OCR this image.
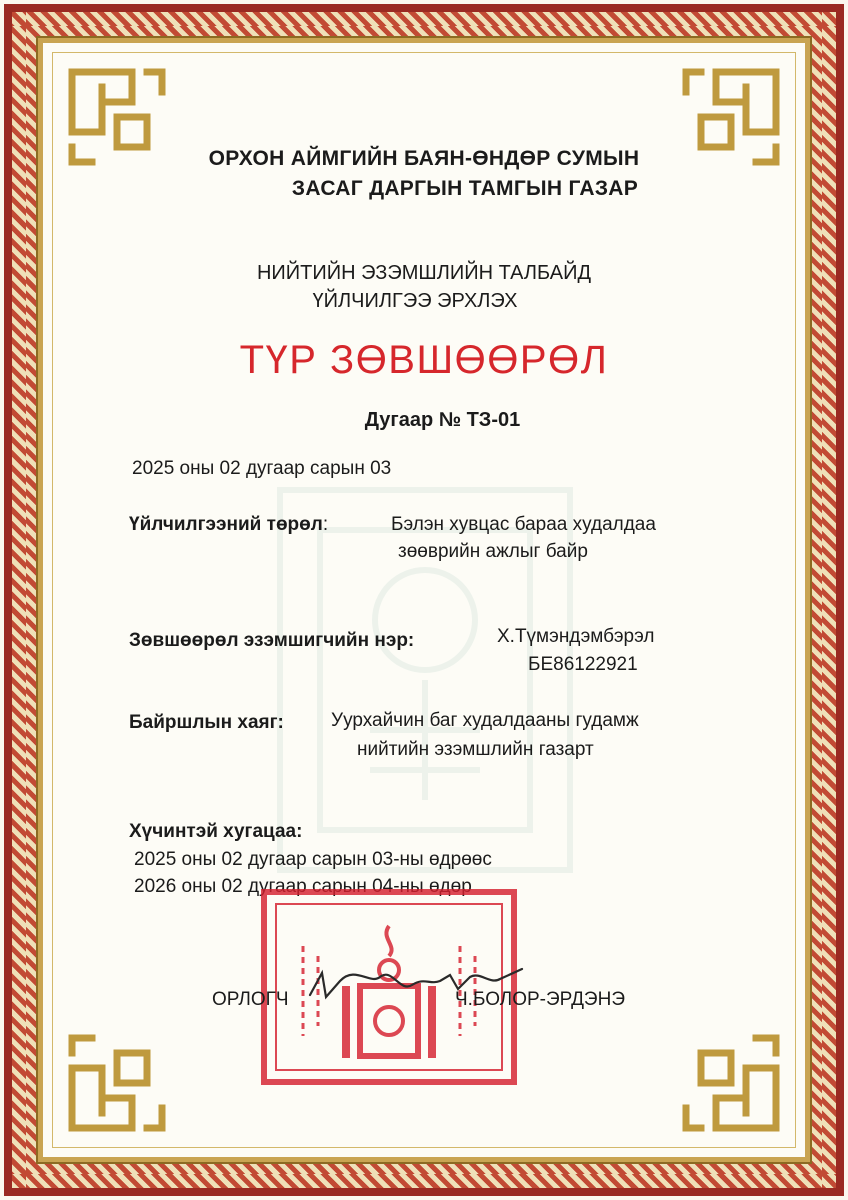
ОРХОН АЙМГИЙН БАЯН-ӨНДӨР СУМЫН
ЗАСАГ ДАРГЫН ТАМГЫН ГАЗАР
НИЙТИЙН ЭЗЭМШЛИЙН ТАЛБАЙД
ҮЙЛЧИЛГЭЭ ЭРХЛЭХ
ТҮР ЗӨВШӨӨРӨЛ
Дугаар № ТЗ-01
2025 оны 02 дугаар сарын 03
Үйлчилгээний төрөл:	Бэлэн хувцас бараа худалдаа
зөөврийн ажлыг байр
Зөвшөөрөл эзэмшигчийн нэр:	Х.Түмэндэмбэрэл
БЕ86122921
Байршлын хаяг: Уурхайчин баг худалдааны гудамж
нийтийн эзэмшлийн газарт
Хүчинтэй хугацаа:
2025 оны 02 дугаар сарын 03-ны өдрөөс
2026 оны 02 дугаар сарын 04-ны өдөр
ОРЛОГЧ	Ч.БОЛОР-ЭРДЭНЭ
